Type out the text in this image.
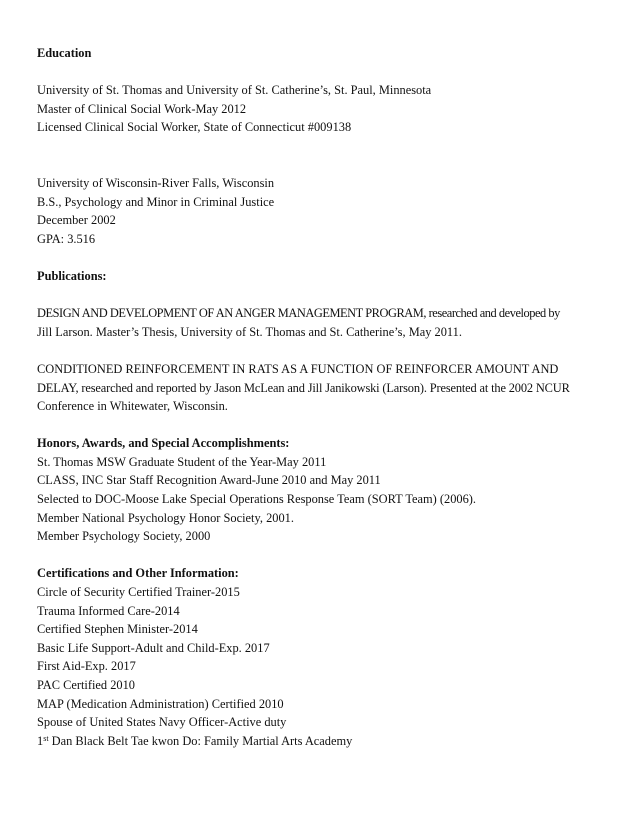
Education
University of St. Thomas and University of St. Catherine’s, St. Paul, Minnesota
Master of Clinical Social Work-May 2012
Licensed Clinical Social Worker, State of Connecticut #009138
University of Wisconsin-River Falls, Wisconsin
B.S., Psychology and Minor in Criminal Justice
December 2002
GPA: 3.516
Publications:
DESIGN AND DEVELOPMENT OF AN ANGER MANAGEMENT PROGRAM, researched and developed by
Jill Larson. Master’s Thesis, University of St. Thomas and St. Catherine’s, May 2011.
CONDITIONED REINFORCEMENT IN RATS AS A FUNCTION OF REINFORCER AMOUNT AND
DELAY, researched and reported by Jason McLean and Jill Janikowski (Larson). Presented at the 2002 NCUR
Conference in Whitewater, Wisconsin.
Honors, Awards, and Special Accomplishments:
St. Thomas MSW Graduate Student of the Year-May 2011
CLASS, INC Star Staff Recognition Award-June 2010 and May 2011
Selected to DOC-Moose Lake Special Operations Response Team (SORT Team) (2006).
Member National Psychology Honor Society, 2001.
Member Psychology Society, 2000
Certifications and Other Information:
Circle of Security Certified Trainer-2015
Trauma Informed Care-2014
Certified Stephen Minister-2014
Basic Life Support-Adult and Child-Exp. 2017
First Aid-Exp. 2017
PAC Certified 2010
MAP (Medication Administration) Certified 2010
Spouse of United States Navy Officer-Active duty
1st Dan Black Belt Tae kwon Do: Family Martial Arts Academy
